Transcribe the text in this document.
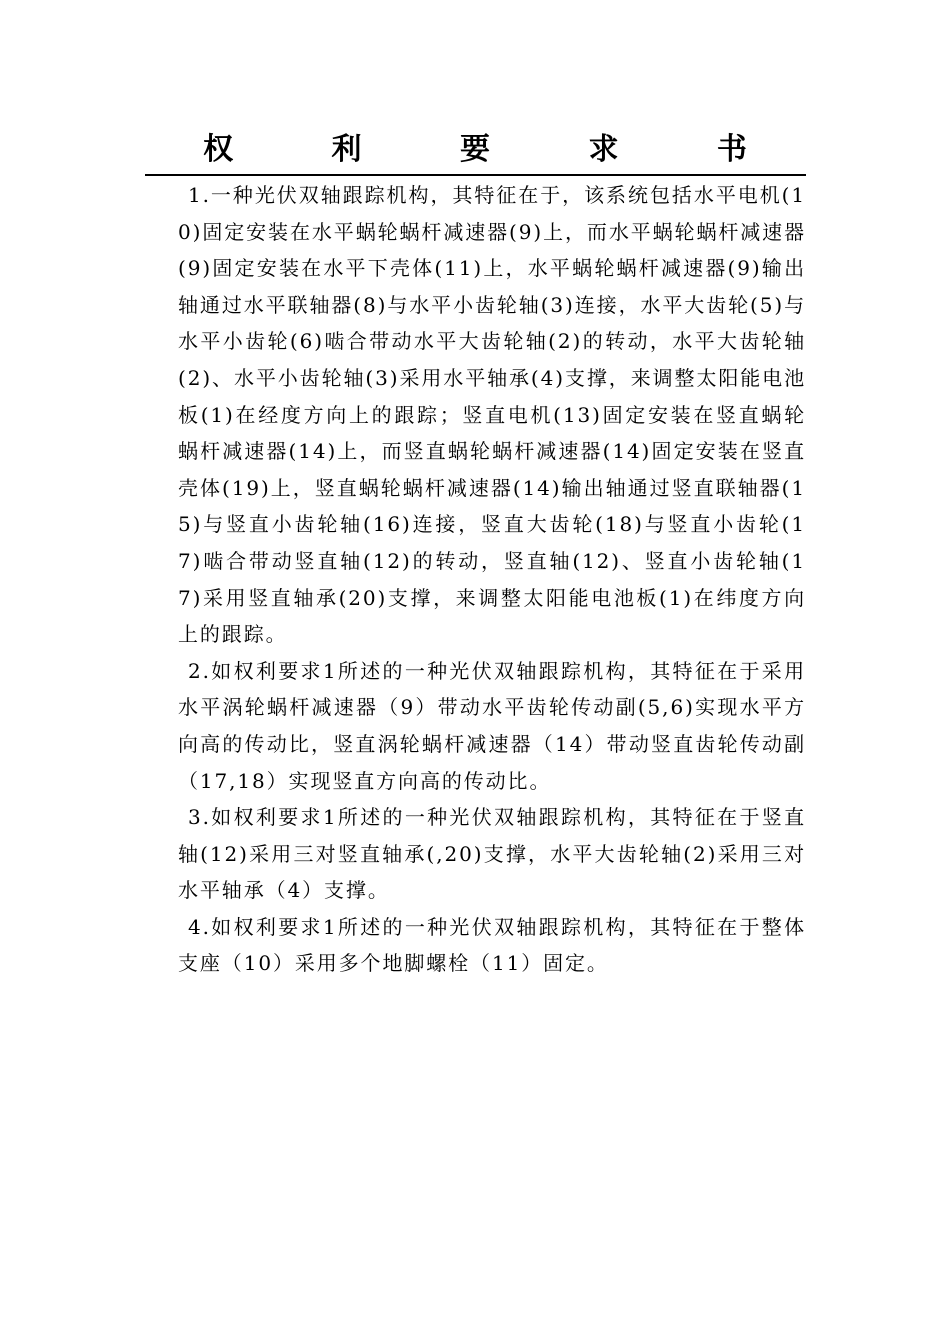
权 利 要 求 书

1.一种光伏双轴跟踪机构，其特征在于，该系统包括水平电机(10)固定安装在水平蜗轮蜗杆减速器(9)上，而水平蜗轮蜗杆减速器(9)固定安装在水平下壳体(11)上，水平蜗轮蜗杆减速器(9)输出轴通过水平联轴器(8)与水平小齿轮轴(3)连接，水平大齿轮(5)与水平小齿轮(6)啮合带动水平大齿轮轴(2)的转动，水平大齿轮轴(2)、水平小齿轮轴(3)采用水平轴承(4)支撑，来调整太阳能电池板(1)在经度方向上的跟踪；竖直电机(13)固定安装在竖直蜗轮蜗杆减速器(14)上，而竖直蜗轮蜗杆减速器(14)固定安装在竖直壳体(19)上，竖直蜗轮蜗杆减速器(14)输出轴通过竖直联轴器(15)与竖直小齿轮轴(16)连接，竖直大齿轮(18)与竖直小齿轮(17)啮合带动竖直轴(12)的转动，竖直轴(12)、竖直小齿轮轴(17)采用竖直轴承(20)支撑，来调整太阳能电池板(1)在纬度方向上的跟踪。

2.如权利要求1所述的一种光伏双轴跟踪机构，其特征在于采用水平涡轮蜗杆减速器（9）带动水平齿轮传动副(5,6)实现水平方向高的传动比，竖直涡轮蜗杆减速器（14）带动竖直齿轮传动副（17,18）实现竖直方向高的传动比。

3.如权利要求1所述的一种光伏双轴跟踪机构，其特征在于竖直轴(12)采用三对竖直轴承(,20)支撑，水平大齿轮轴(2)采用三对水平轴承（4）支撑。

4.如权利要求1所述的一种光伏双轴跟踪机构，其特征在于整体支座（10）采用多个地脚螺栓（11）固定。
